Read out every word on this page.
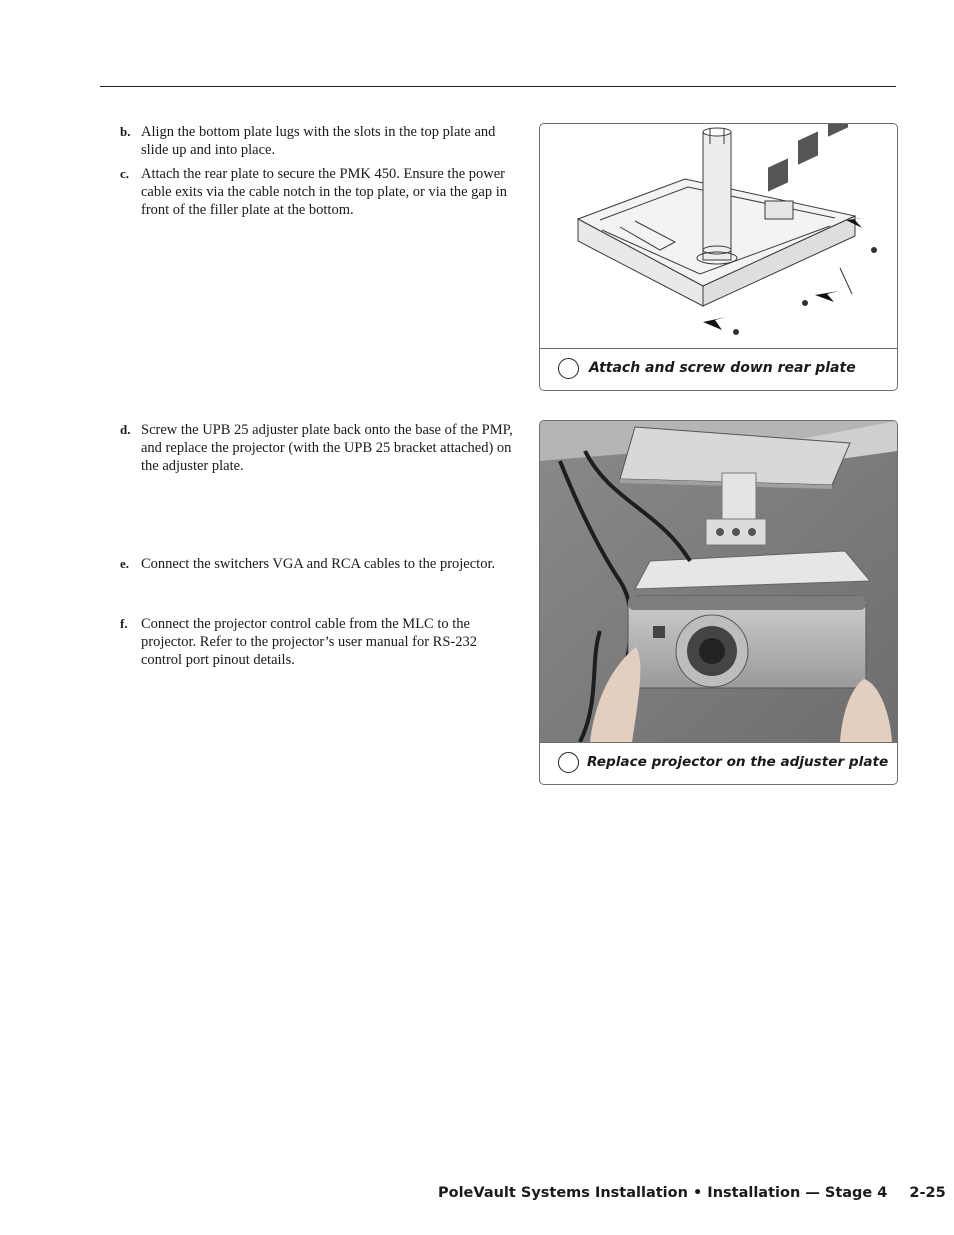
b. Align the bottom plate lugs with the slots in the top plate and slide up and into place.
c. Attach the rear plate to secure the PMK 450. Ensure the power cable exits via the cable notch in the top plate, or via the gap in front of the filler plate at the bottom.
d. Screw the UPB 25 adjuster plate back onto the base of the PMP, and replace the projector (with the UPB 25 bracket attached) on the adjuster plate.
e. Connect the switchers VGA and RCA cables to the projector.
f. Connect the projector control cable from the MLC to the projector. Refer to the projector’s user manual for RS-232 control port pinout details.
Attach and screw down rear plate
Replace projector on the adjuster plate
PoleVault Systems Installation • Installation — Stage 4 2-25
